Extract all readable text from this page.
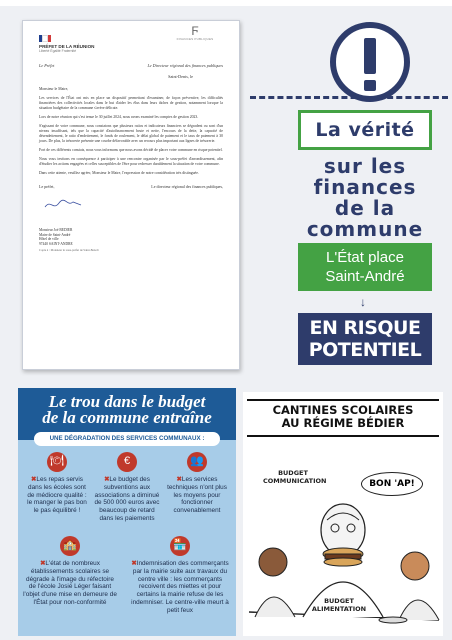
PRÉFET DE LA RÉUNION
Liberté Égalité Fraternité
Le Préfet	Le Directeur régional des finances publiques
Saint-Denis, le
Monsieur le Maire,
Les services de l'État ont mis en place un dispositif permettant d'examiner, de façon préventive, les difficultés financières des collectivités locales dans le but d'aider les élus dans leurs tâches de gestion, notamment lorsque la situation budgétaire de la commune s'avère délicate.
Lors de notre réunion qui s'est tenue le 30 juillet 2024, nous avons examiné les comptes de gestion 2023.
S'agissant de votre commune, nous constatons que plusieurs ratios et indicateurs financiers se dégradent ou sont d'un niveau insuffisant, tels que la capacité d'autofinancement brute et nette, l'encours de la dette, la capacité de désendettement, le ratio d'endettement, le fonds de roulement, le délai global de paiement et le taux de paiement à 30 jours. De plus, la trésorerie présente une courbe défavorable avec un recours plus important aux lignes de trésorerie.
Fort de ces différents constats, nous vous informons que nous avons décidé de placer votre commune en risque potentiel.
Nous vous invitons en conséquence à participer à une rencontre organisée par le sous-préfet d'arrondissement, afin d'étudier les actions engagées et celles susceptibles de l'être pour redresser durablement la situation de votre commune.
Dans cette attente, veuillez agréer, Monsieur le Maire, l'expression de notre considération très distinguée.
Le préfet,	Le directeur régional des finances publiques,
Monsieur Joé BEDIER
Maire de Saint-André
Hôtel de ville
97440 SAINT-ANDRE
Copie à : Monsieur le sous-préfet de Saint-Benoît
Ϝ
FINANCES PUBLIQUES
La vérité
sur les
finances
de la
commune
L'État place
Saint-André
↓
EN RISQUE
POTENTIEL
Le trou dans le budget
de la commune entraîne
UNE DÉGRADATION DES SERVICES COMMUNAUX :
🍽
✖Les repas servis dans les écoles sont de médiocre qualité : le manger le pas bon le pas équilibré !
€
✖Le budget des subventions aux associations a diminué de 500 000 euros avec beaucoup de retard dans les paiements
👥
✖Les services techniques n'ont plus les moyens pour fonctionner convenablement
🏫
✖L'état de nombreux établissements scolaires se dégrade à l'image du réfectoire de l'école Josié Léger faisant l'objet d'une mise en demeure de l'État pour non-conformité
🏪
✖Indemnisation des commerçants par la mairie suite aux travaux du centre ville : les commerçants recoivent des miettes et pour certains la mairie refuse de les indemniser. Le centre-ville meurt à petit feux
CANTINES SCOLAIRES
AU RÉGIME BÉDIER
BON 'AP!
BUDGET
COMMUNICATION
BUDGET
ALIMENTATION
